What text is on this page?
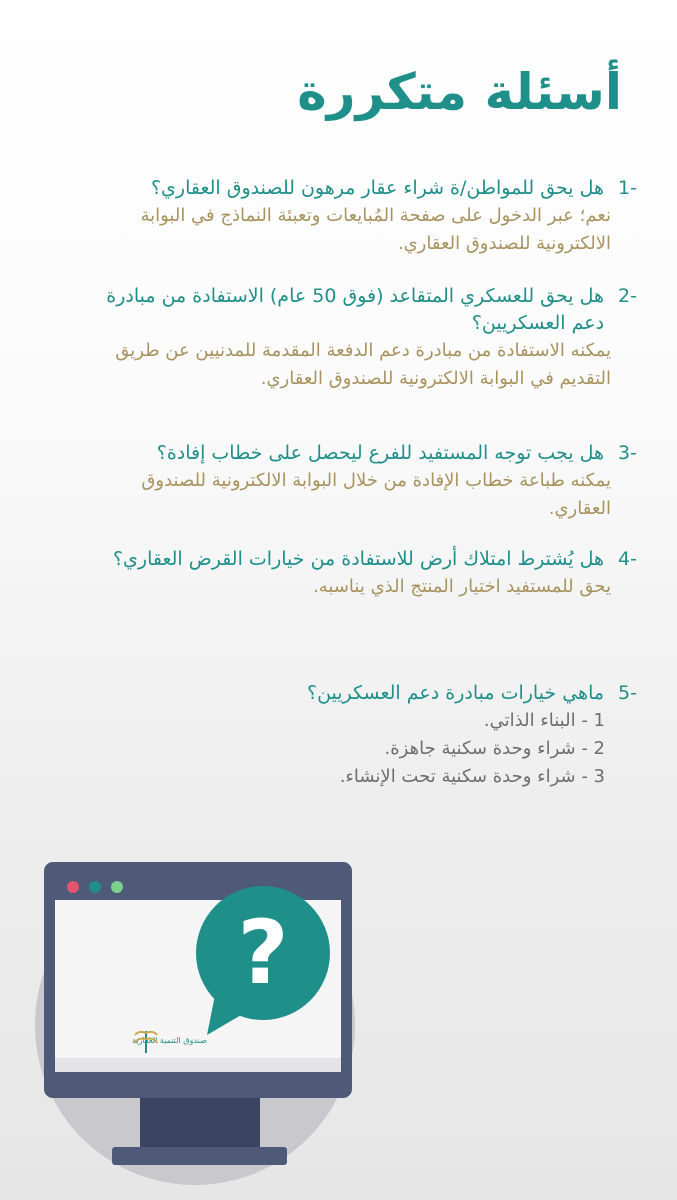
أسئلة متكررة
-1
هل يحق للمواطن/ة شراء عقار مرهون للصندوق العقاري؟
نعم؛ عبر الدخول على صفحة المُبايعات وتعبئة النماذج في البوابة الالكترونية للصندوق العقاري.
-2
هل يحق للعسكري المتقاعد (فوق 50 عام) الاستفادة من مبادرة دعم العسكريين؟
يمكنه الاستفادة من مبادرة دعم الدفعة المقدمة للمدنيين عن طريق التقديم في البوابة الالكترونية للصندوق العقاري.
-3
هل يجب توجه المستفيد للفرع ليحصل على خطاب إفادة؟
يمكنه طباعة خطاب الإفادة من خلال البوابة الالكترونية للصندوق العقاري.
-4
هل يُشترط امتلاك أرض للاستفادة من خيارات القرض العقاري؟
يحق للمستفيد اختيار المنتج الذي يناسبه.
-5
ماهي خيارات مبادرة دعم العسكريين؟
1 - البناء الذاتي.
2 - شراء وحدة سكنية جاهزة.
3 - شراء وحدة سكنية تحت الإنشاء.
صندوق التنمية العقارية
?
